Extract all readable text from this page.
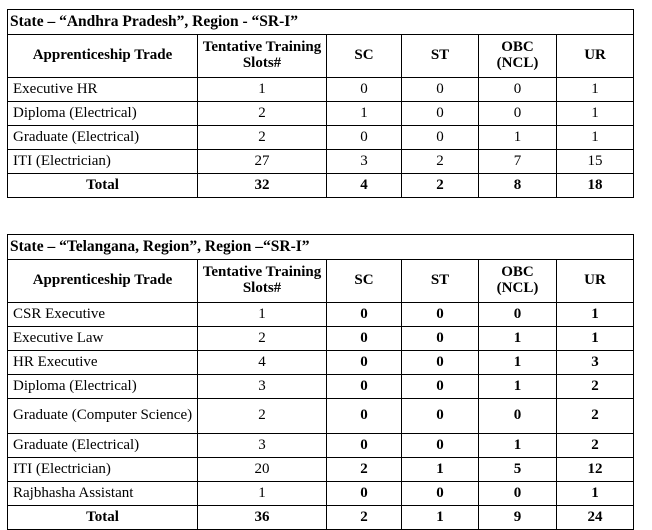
State – “Andhra Pradesh”, Region - “SR-I”					
Apprenticeship Trade	Tentative Training Slots#	SC	ST	OBC (NCL)	UR
Executive HR	1	0	0	0	1
Diploma (Electrical)	2	1	0	0	1
Graduate (Electrical)	2	0	0	1	1
ITI (Electrician)	27	3	2	7	15
Total	32	4	2	8	18
State – “Telangana, Region”, Region –“SR-I”					
Apprenticeship Trade	Tentative Training Slots#	SC	ST	OBC (NCL)	UR
CSR Executive	1	0	0	0	1
Executive Law	2	0	0	1	1
HR Executive	4	0	0	1	3
Diploma (Electrical)	3	0	0	1	2
Graduate (Computer Science)	2	0	0	0	2
Graduate (Electrical)	3	0	0	1	2
ITI (Electrician)	20	2	1	5	12
Rajbhasha Assistant	1	0	0	0	1
Total	36	2	1	9	24
